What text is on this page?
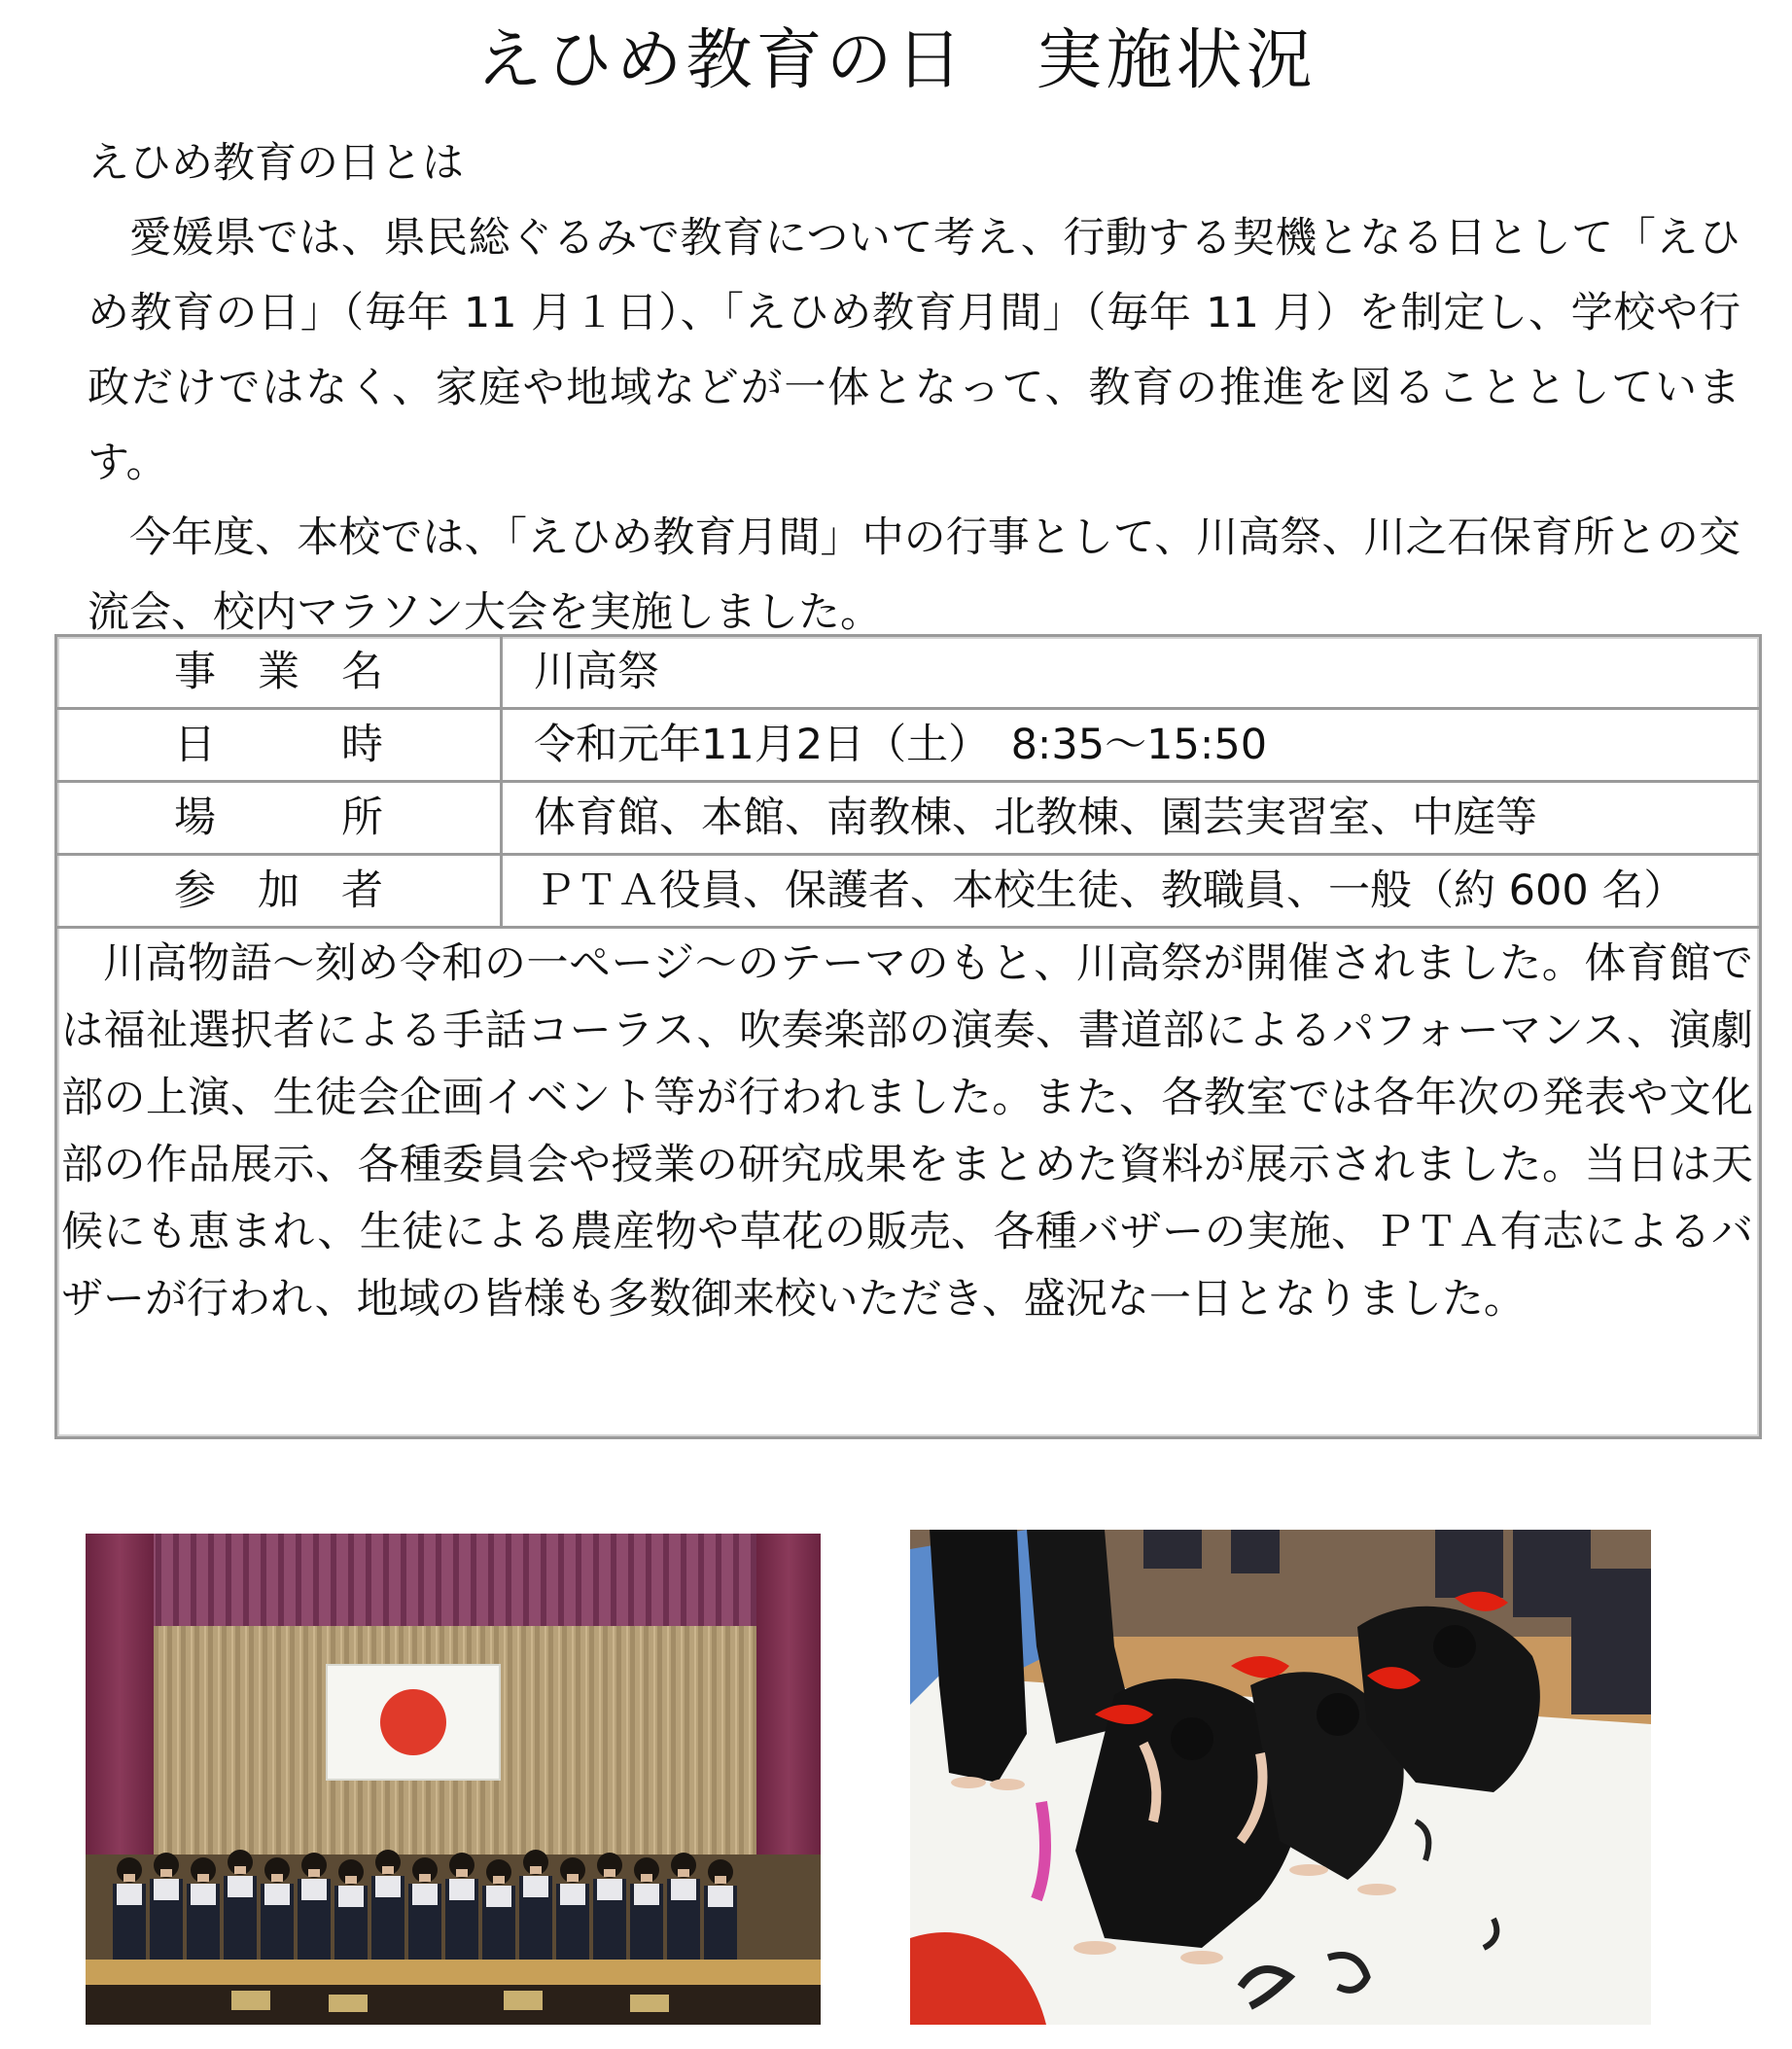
えひめ教育の日　実施状況
えひめ教育の日とは
愛媛県では、県民総ぐるみで教育について考え、行動する契機となる日として「えひめ教育の日」（毎年 11 月１日）、「えひめ教育月間」（毎年 11 月）を制定し、学校や行政だけではなく、家庭や地域などが一体となって、教育の推進を図ることとしています。
今年度、本校では、「えひめ教育月間」中の行事として、川高祭、川之石保育所との交流会、校内マラソン大会を実施しました。
事　業　名	川高祭
日　　　時	令和元年11月2日（土）　8:35〜15:50
場　　　所	体育館、本館、南教棟、北教棟、園芸実習室、中庭等
参　加　者	ＰＴＡ役員、保護者、本校生徒、教職員、一般（約 600 名）
川高物語〜刻め令和の一ページ〜のテーマのもと、川高祭が開催されました。体育館では福祉選択者による手話コーラス、吹奏楽部の演奏、書道部によるパフォーマンス、演劇部の上演、生徒会企画イベント等が行われました。また、各教室では各年次の発表や文化部の作品展示、各種委員会や授業の研究成果をまとめた資料が展示されました。当日は天候にも恵まれ、生徒による農産物や草花の販売、各種バザーの実施、ＰＴＡ有志によるバザーが行われ、地域の皆様も多数御来校いただき、盛況な一日となりました。
